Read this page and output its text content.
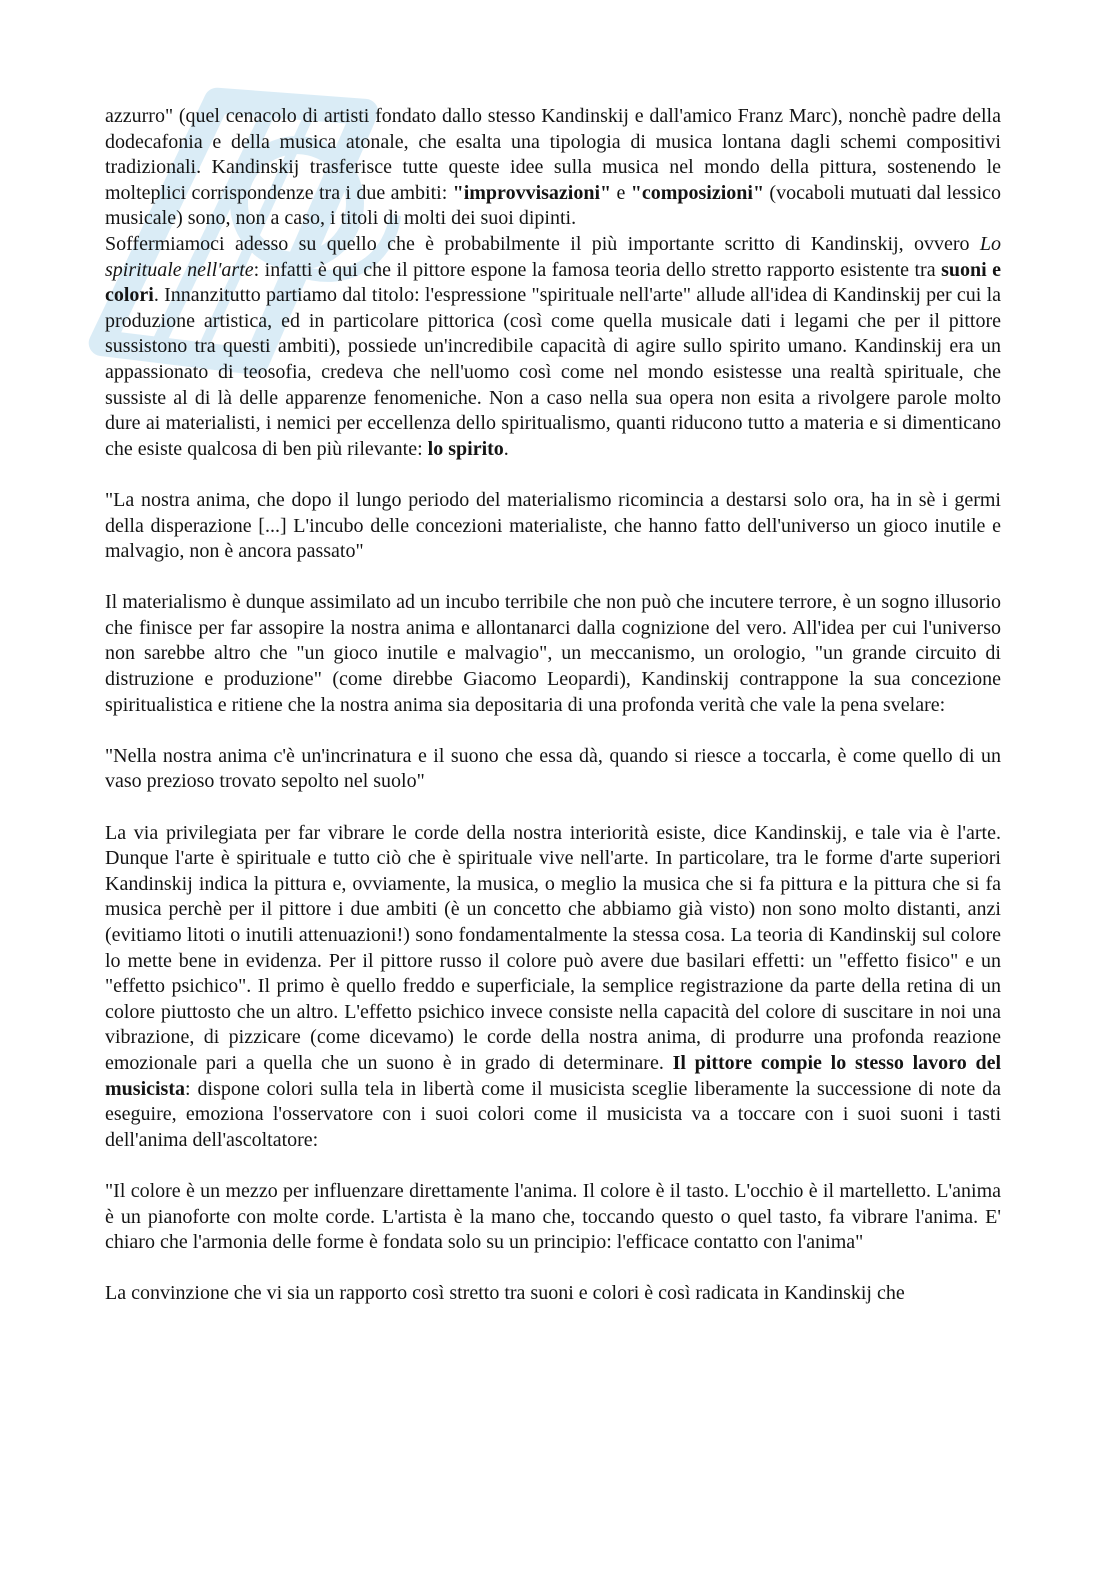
azzurro" (quel cenacolo di artisti fondato dallo stesso Kandinskij e dall'amico Franz Marc), nonchè padre della dodecafonia e della musica atonale, che esalta una tipologia di musica lontana dagli schemi compositivi tradizionali. Kandinskij trasferisce tutte queste idee sulla musica nel mondo della pittura, sostenendo le molteplici corrispondenze tra i due ambiti: "improvvisazioni" e "composizioni" (vocaboli mutuati dal lessico musicale) sono, non a caso, i titoli di molti dei suoi dipinti.

Soffermiamoci adesso su quello che è probabilmente il più importante scritto di Kandinskij, ovvero Lo spirituale nell'arte: infatti è qui che il pittore espone la famosa teoria dello stretto rapporto esistente tra suoni e colori. Innanzitutto partiamo dal titolo: l'espressione "spirituale nell'arte" allude all'idea di Kandinskij per cui la produzione artistica, ed in particolare pittorica (così come quella musicale dati i legami che per il pittore sussistono tra questi ambiti), possiede un'incredibile capacità di agire sullo spirito umano. Kandinskij era un appassionato di teosofia, credeva che nell'uomo così come nel mondo esistesse una realtà spirituale, che sussiste al di là delle apparenze fenomeniche. Non a caso nella sua opera non esita a rivolgere parole molto dure ai materialisti, i nemici per eccellenza dello spiritualismo, quanti riducono tutto a materia e si dimenticano che esiste qualcosa di ben più rilevante: lo spirito.

"La nostra anima, che dopo il lungo periodo del materialismo ricomincia a destarsi solo ora, ha in sè i germi della disperazione [...] L'incubo delle concezioni materialiste, che hanno fatto dell'universo un gioco inutile e malvagio, non è ancora passato"

Il materialismo è dunque assimilato ad un incubo terribile che non può che incutere terrore, è un sogno illusorio che finisce per far assopire la nostra anima e allontanarci dalla cognizione del vero. All'idea per cui l'universo non sarebbe altro che "un gioco inutile e malvagio", un meccanismo, un orologio, "un grande circuito di distruzione e produzione" (come direbbe Giacomo Leopardi), Kandinskij contrappone la sua concezione spiritualistica e ritiene che la nostra anima sia depositaria di una profonda verità che vale la pena svelare:

"Nella nostra anima c'è un'incrinatura e il suono che essa dà, quando si riesce a toccarla, è come quello di un vaso prezioso trovato sepolto nel suolo"

La via privilegiata per far vibrare le corde della nostra interiorità esiste, dice Kandinskij, e tale via è l'arte. Dunque l'arte è spirituale e tutto ciò che è spirituale vive nell'arte. In particolare, tra le forme d'arte superiori Kandinskij indica la pittura e, ovviamente, la musica, o meglio la musica che si fa pittura e la pittura che si fa musica perchè per il pittore i due ambiti (è un concetto che abbiamo già visto) non sono molto distanti, anzi (evitiamo litoti o inutili attenuazioni!) sono fondamentalmente la stessa cosa. La teoria di Kandinskij sul colore lo mette bene in evidenza. Per il pittore russo il colore può avere due basilari effetti: un "effetto fisico" e un "effetto psichico". Il primo è quello freddo e superficiale, la semplice registrazione da parte della retina di un colore piuttosto che un altro. L'effetto psichico invece consiste nella capacità del colore di suscitare in noi una vibrazione, di pizzicare (come dicevamo) le corde della nostra anima, di produrre una profonda reazione emozionale pari a quella che un suono è in grado di determinare. Il pittore compie lo stesso lavoro del musicista: dispone colori sulla tela in libertà come il musicista sceglie liberamente la successione di note da eseguire, emoziona l'osservatore con i suoi colori come il musicista va a toccare con i suoi suoni i tasti dell'anima dell'ascoltatore:

"Il colore è un mezzo per influenzare direttamente l'anima. Il colore è il tasto. L'occhio è il martelletto. L'anima è un pianoforte con molte corde. L'artista è la mano che, toccando questo o quel tasto, fa vibrare l'anima. E' chiaro che l'armonia delle forme è fondata solo su un principio: l'efficace contatto con l'anima"

La convinzione che vi sia un rapporto così stretto tra suoni e colori è così radicata in Kandinskij che
